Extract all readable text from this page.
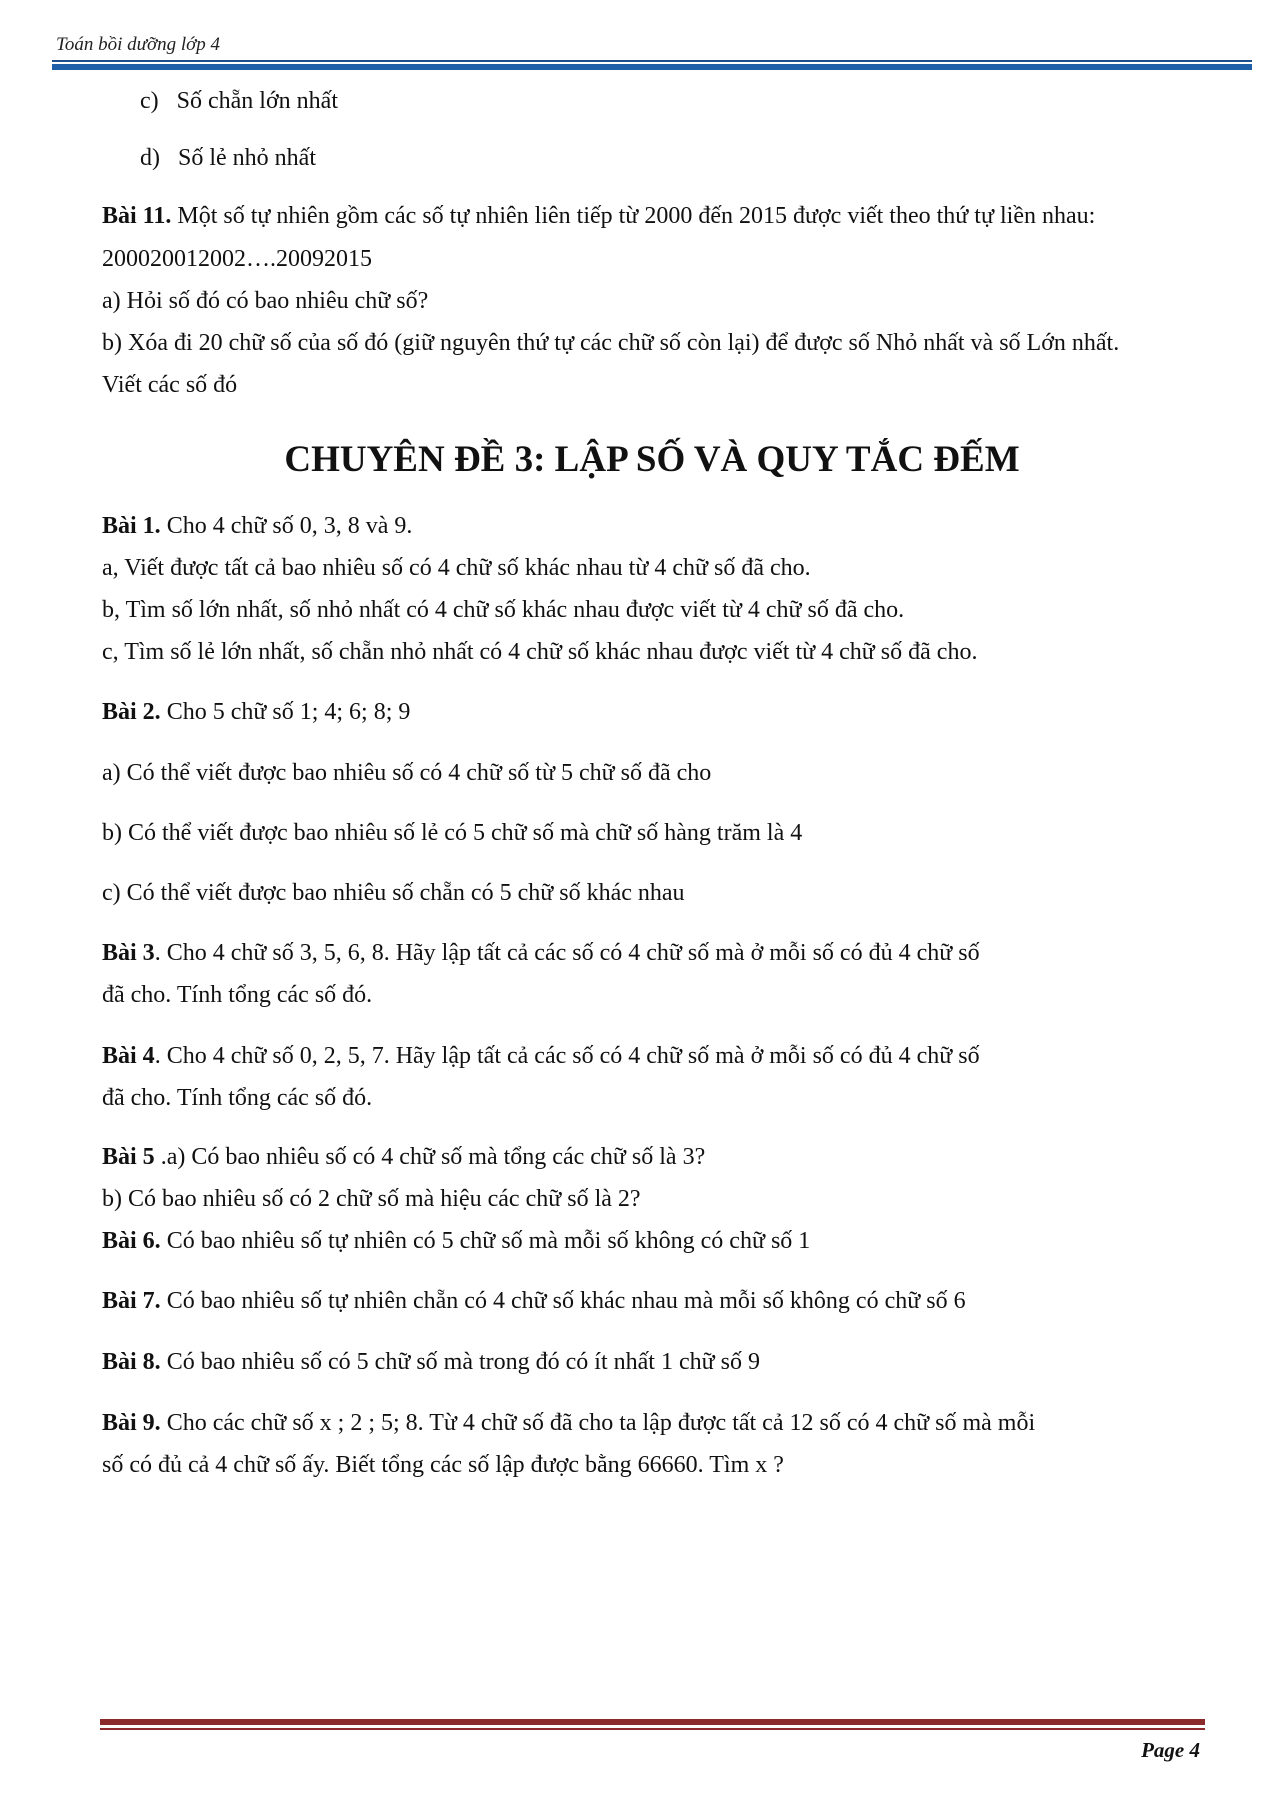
Toán bồi dưỡng lớp 4
c) Số chẵn lớn nhất
d) Số lẻ nhỏ nhất
Bài 11. Một số tự nhiên gồm các số tự nhiên liên tiếp từ 2000 đến 2015 được viết theo thứ tự liền nhau:
200020012002….20092015
a) Hỏi số đó có bao nhiêu chữ số?
b) Xóa đi 20 chữ số của số đó (giữ nguyên thứ tự các chữ số còn lại) để được số Nhỏ nhất và số Lớn nhất.
Viết các số đó
CHUYÊN ĐỀ 3: LẬP SỐ VÀ QUY TẮC ĐẾM
Bài 1. Cho 4 chữ số 0, 3, 8 và 9.
a, Viết được tất cả bao nhiêu số có 4 chữ số khác nhau từ 4 chữ số đã cho.
b, Tìm số lớn nhất, số nhỏ nhất có 4 chữ số khác nhau được viết từ 4 chữ số đã cho.
c, Tìm số lẻ lớn nhất, số chẵn nhỏ nhất có 4 chữ số khác nhau được viết từ 4 chữ số đã cho.
Bài 2. Cho 5 chữ số 1; 4; 6; 8; 9
a) Có thể viết được bao nhiêu số có 4 chữ số từ 5 chữ số đã cho
b) Có thể viết được bao nhiêu số lẻ có 5 chữ số mà chữ số hàng trăm là 4
c) Có thể viết được bao nhiêu số chẵn có 5 chữ số khác nhau
Bài 3. Cho 4 chữ số 3, 5, 6, 8. Hãy lập tất cả các số có 4 chữ số mà ở mỗi số có đủ 4 chữ số
đã cho. Tính tổng các số đó.
Bài 4. Cho 4 chữ số 0, 2, 5, 7. Hãy lập tất cả các số có 4 chữ số mà ở mỗi số có đủ 4 chữ số
đã cho. Tính tổng các số đó.
Bài 5 .a) Có bao nhiêu số có 4 chữ số mà tổng các chữ số là 3?
b) Có bao nhiêu số có 2 chữ số mà hiệu các chữ số là 2?
Bài 6. Có bao nhiêu số tự nhiên có 5 chữ số mà mỗi số không có chữ số 1
Bài 7. Có bao nhiêu số tự nhiên chẵn có 4 chữ số khác nhau mà mỗi số không có chữ số 6
Bài 8. Có bao nhiêu số có 5 chữ số mà trong đó có ít nhất 1 chữ số 9
Bài 9. Cho các chữ số x ; 2 ; 5; 8. Từ 4 chữ số đã cho ta lập được tất cả 12 số có 4 chữ số mà mỗi
số có đủ cả 4 chữ số ấy. Biết tổng các số lập được bằng 66660. Tìm x ?
Page 4
